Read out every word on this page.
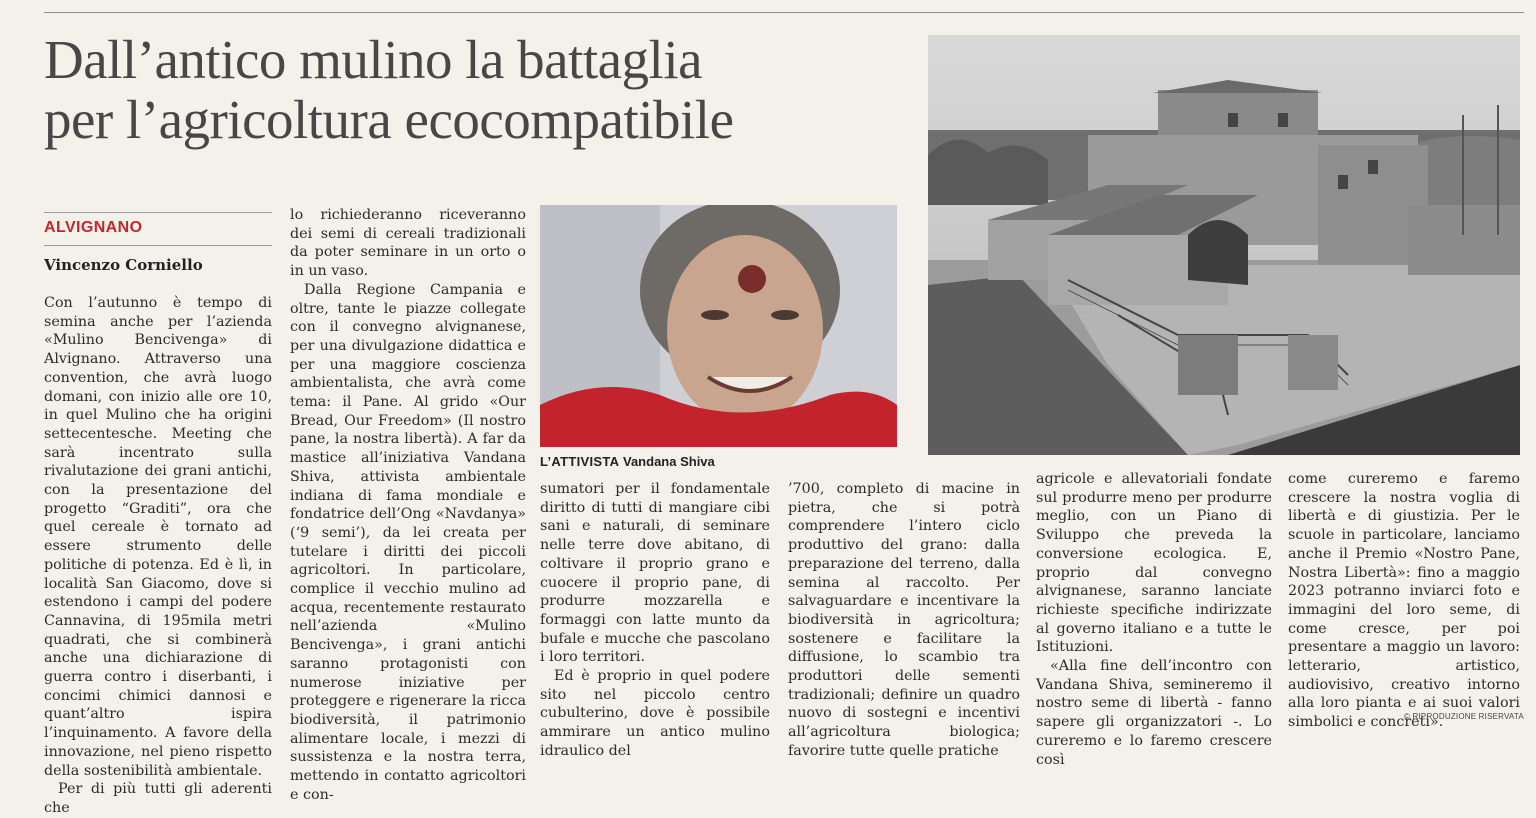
Dall’antico mulino la battaglia
per l’agricoltura ecocompatibile
L’ATTIVISTA Vandana Shiva
ALVIGNANO
Vincenzo Corniello

Con l’autunno è tempo di semina anche per l’azienda «Mulino Bencivenga» di Alvignano. Attraverso una convention, che avrà luogo domani, con inizio alle ore 10, in quel Mulino che ha origini settecentesche. Meeting che sarà incentrato sulla rivalutazione dei grani antichi, con la presentazione del progetto “Graditi”, ora che quel cereale è tornato ad essere strumento delle politiche di potenza. Ed è lì, in località San Giacomo, dove si estendono i campi del podere Cannavina, di 195mila metri quadrati, che si combinerà anche una dichiarazione di guerra contro i diserbanti, i concimi chimici dannosi e quant’altro ispira l’inquinamento. A favore della innovazione, nel pieno rispetto della sostenibilità ambientale.

Per di più tutti gli aderenti che

lo richiederanno riceveranno dei semi di cereali tradizionali da poter seminare in un orto o in un vaso.

Dalla Regione Campania e oltre, tante le piazze collegate con il convegno alvignanese, per una divulgazione didattica e per una maggiore coscienza ambientalista, che avrà come tema: il Pane. Al grido «Our Bread, Our Freedom» (Il nostro pane, la nostra libertà). A far da mastice all’iniziativa Vandana Shiva, attivista ambientale indiana di fama mondiale e fondatrice dell’Ong «Navdanya» (‘9 semi’), da lei creata per tutelare i diritti dei piccoli agricoltori. In particolare, complice il vecchio mulino ad acqua, recentemente restaurato nell’azienda «Mulino Bencivenga», i grani antichi saranno protagonisti con numerose iniziative per proteggere e rigenerare la ricca biodiversità, il patrimonio alimentare locale, i mezzi di sussistenza e la nostra terra, mettendo in contatto agricoltori e con-

sumatori per il fondamentale diritto di tutti di mangiare cibi sani e naturali, di seminare nelle terre dove abitano, di coltivare il proprio grano e cuocere il proprio pane, di produrre mozzarella e formaggi con latte munto da bufale e mucche che pascolano i loro territori.

Ed è proprio in quel podere sito nel piccolo centro cubulterino, dove è possibile ammirare un antico mulino idraulico del

’700, completo di macine in pietra, che si potrà comprendere l’intero ciclo produttivo del grano: dalla preparazione del terreno, dalla semina al raccolto. Per salvaguardare e incentivare la biodiversità in agricoltura; sostenere e facilitare la diffusione, lo scambio tra produttori delle sementi tradizionali; definire un quadro nuovo di sostegni e incentivi all’agricoltura biologica; favorire tutte quelle pratiche

agricole e allevatoriali fondate sul produrre meno per produrre meglio, con un Piano di Sviluppo che preveda la conversione ecologica. E, proprio dal convegno alvignanese, saranno lanciate richieste specifiche indirizzate al governo italiano e a tutte le Istituzioni.

«Alla fine dell’incontro con Vandana Shiva, semineremo il nostro seme di libertà - fanno sapere gli organizzatori -. Lo cureremo e lo faremo crescere così

come cureremo e faremo crescere la nostra voglia di libertà e di giustizia. Per le scuole in particolare, lanciamo anche il Premio «Nostro Pane, Nostra Libertà»: fino a maggio 2023 potranno inviarci foto e immagini del loro seme, di come cresce, per poi presentare a maggio un lavoro: letterario, artistico, audiovisivo, creativo intorno alla loro pianta e ai suoi valori simbolici e concreti».

© RIPRODUZIONE RISERVATA
